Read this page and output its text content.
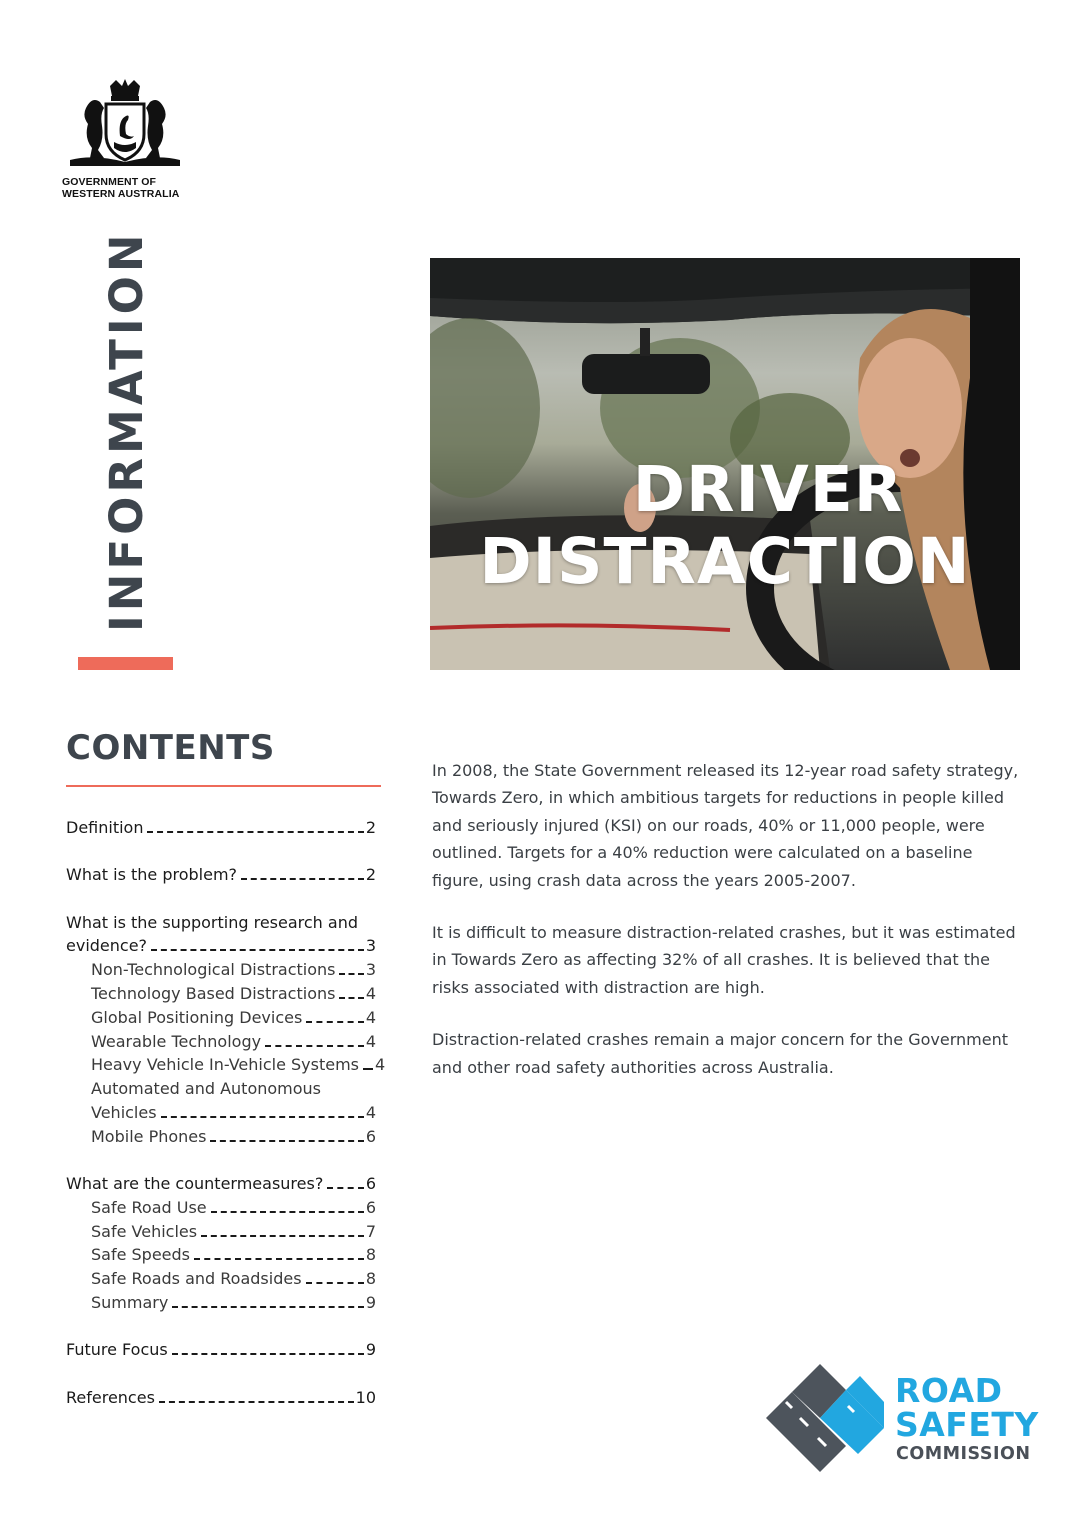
GOVERNMENT OF
WESTERN AUSTRALIA
INFORMATION	DRIVER
DISTRACTION
CONTENTS
Definition	2
What is the problem?	2
What is the supporting research and
evidence?	3
Non-Technological Distractions 3
Technology Based Distractions 4
Global Positioning Devices	4
Wearable Technology	4
Heavy Vehicle In-Vehicle Systems 4
Automated and Autonomous
Vehicles	4
Mobile Phones	6
What are the countermeasures?	6
Safe Road Use	6
Safe Vehicles	7
Safe Speeds	8
Safe Roads and Roadsides	8
Summary	9
Future Focus	9
References	10

In 2008, the State Government released its 12-year road safety strategy, Towards Zero, in which ambitious targets for reductions in people killed and seriously injured (KSI) on our roads, 40% or 11,000 people, were outlined. Targets for a 40% reduction were calculated on a baseline figure, using crash data across the years 2005-2007.

It is difficult to measure distraction-related crashes, but it was estimated in Towards Zero as affecting 32% of all crashes. It is believed that the risks associated with distraction are high.

Distraction-related crashes remain a major concern for the Government and other road safety authorities across Australia.

ROAD
SAFETY
COMMISSION
